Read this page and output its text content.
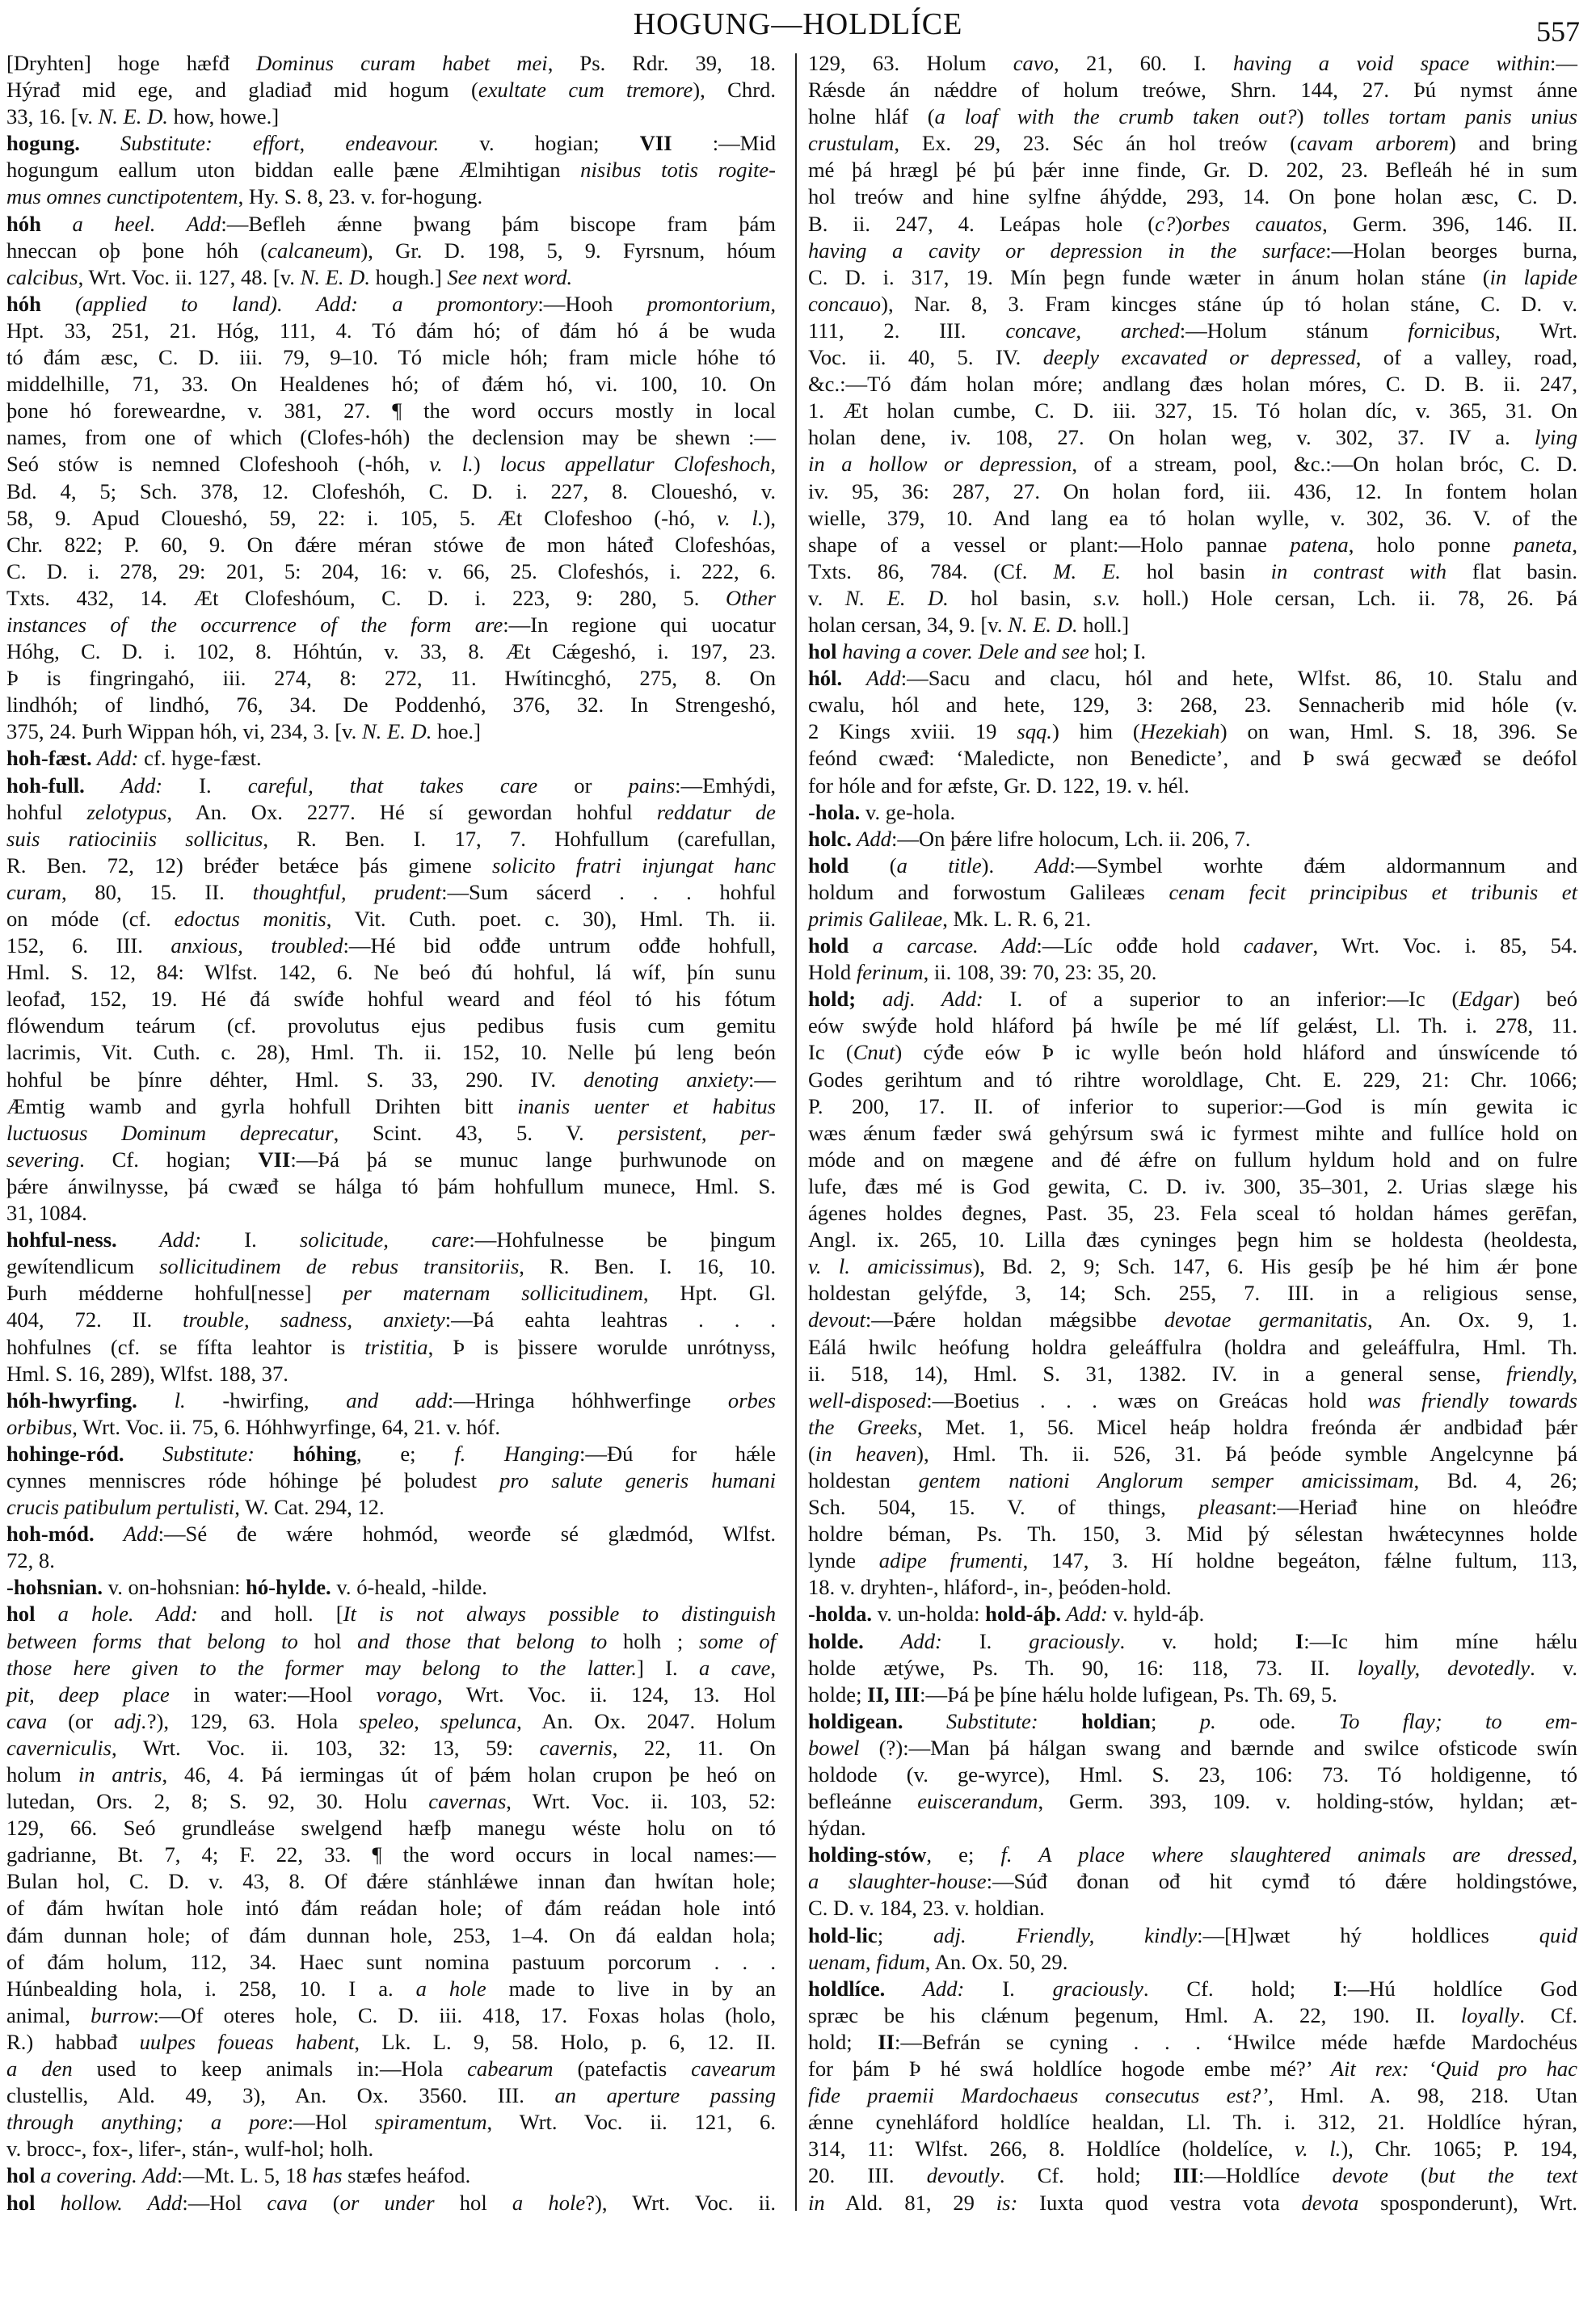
HOGUNG—HOLDLÍCE	557
[Dryhten] hoge hæfđ Dominus curam habet mei, Ps. Rdr. 39, 18.
Hýrađ mid ege, and gladiađ mid hogum (exultate cum tremore), Chrd.
33, 16. [v. N. E. D. how, howe.]
hogung. Substitute: effort, endeavour. v. hogian; VII :—Mid
hogungum eallum uton biddan ealle þæne Ælmihtigan nisibus totis rogite-
mus omnes cunctipotentem, Hy. S. 8, 23. v. for-hogung.
hóh a heel. Add:—Befleh ǽnne þwang þám biscope fram þám
hneccan oþ þone hóh (calcaneum), Gr. D. 198, 5, 9. Fyrsnum, hóum
calcibus, Wrt. Voc. ii. 127, 48. [v. N. E. D. hough.] See next word.
hóh (applied to land). Add: a promontory:—Hooh promontorium,
Hpt. 33, 251, 21. Hóg, 111, 4. Tó đám hó; of đám hó á be wuda
tó đám æsc, C. D. iii. 79, 9–10. Tó micle hóh; fram micle hóhe tó
middelhille, 71, 33. On Healdenes hó; of đǽm hó, vi. 100, 10. On
þone hó foreweardne, v. 381, 27. ¶ the word occurs mostly in local
names, from one of which (Clofes-hóh) the declension may be shewn :—
Seó stów is nemned Clofeshooh (-hóh, v. l.) locus appellatur Clofeshoch,
Bd. 4, 5; Sch. 378, 12. Clofeshóh, C. D. i. 227, 8. Cloueshó, v.
58, 9. Apud Cloueshó, 59, 22: i. 105, 5. Æt Clofeshoo (-hó, v. l.),
Chr. 822; P. 60, 9. On đǽre méran stówe đe mon hátеđ Clofeshóas,
C. D. i. 278, 29: 201, 5: 204, 16: v. 66, 25. Clofeshós, i. 222, 6.
Txts. 432, 14. Æt Clofeshóum, C. D. i. 223, 9: 280, 5. Other
instances of the occurrence of the form are:—In regione qui uocatur
Hóhg, C. D. i. 102, 8. Hóhtún, v. 33, 8. Æt Cǽgeshó, i. 197, 23.
Þ is fingringahó, iii. 274, 8: 272, 11. Hwítincghó, 275, 8. On
lindhóh; of lindhó, 76, 34. De Poddenhó, 376, 32. In Strengeshó,
375, 24. Þurh Wippan hóh, vi, 234, 3. [v. N. E. D. hoe.]
hoh-fæst. Add: cf. hyge-fæst.
hoh-full. Add: I. careful, that takes care or pains:—Emhýdi,
hohful zelotypus, An. Ox. 2277. Hé sí gewordan hohful reddatur de
suis ratiociniis sollicitus, R. Ben. I. 17, 7. Hohfullum (carefullan,
R. Ben. 72, 12) bréđer betǽce þás gimene solicito fratri injungat hanc
curam, 80, 15. II. thoughtful, prudent:—Sum sácerd . . . hohful
on móde (cf. edoctus monitis, Vit. Cuth. poet. c. 30), Hml. Th. ii.
152, 6. III. anxious, troubled:—Hé bid ođđe untrum ođđe hohfull,
Hml. S. 12, 84: Wlfst. 142, 6. Ne beó đú hohful, lá wíf, þín sunu
leofađ, 152, 19. Hé đá swíđe hohful weard and féol tó his fótum
flówendum teárum (cf. provolutus ejus pedibus fusis cum gemitu
lacrimis, Vit. Cuth. c. 28), Hml. Th. ii. 152, 10. Nelle þú leng beón
hohful be þínre déhter, Hml. S. 33, 290. IV. denoting anxiety:—
Æmtig wamb and gyrla hohfull Drihten bitt inanis uenter et habitus
luctuosus Dominum deprecatur, Scint. 43, 5. V. persistent, per-
severing. Cf. hogian; VII:—Þá þá se munuc lange þurhwunode on
þǽre ánwilnysse, þá cwæđ se hálga tó þám hohfullum munece, Hml. S.
31, 1084.
hohful-ness. Add: I. solicitude, care:—Hohfulnesse be þingum
gewítendlicum sollicitudinem de rebus transitoriis, R. Ben. I. 16, 10.
Þurh médderne hohful[nesse] per maternam sollicitudinem, Hpt. Gl.
404, 72. II. trouble, sadness, anxiety:—Þá eahta leahtras . . .
hohfulnes (cf. se fífta leahtor is tristitia, Þ is þissere worulde unrótnyss,
Hml. S. 16, 289), Wlfst. 188, 37.
hóh-hwyrfing. l. -hwirfing, and add:—Hringa hóhhwerfinge orbes
orbibus, Wrt. Voc. ii. 75, 6. Hóhhwyrfinge, 64, 21. v. hóf.
hohinge-ród. Substitute: hóhing, e; f. Hanging:—Đú for hǽle
cynnes menniscres róde hóhinge þé þoludest pro salute generis humani
crucis patibulum pertulisti, W. Cat. 294, 12.
hoh-mód. Add:—Sé đe wǽre hohmód, weorđe sé glædmód, Wlfst.
72, 8.
-hohsnian. v. on-hohsnian: hó-hylde. v. ó-heald, -hilde.
hol a hole. Add: and holl. [It is not always possible to distinguish
between forms that belong to hol and those that belong to holh ; some of
those here given to the former may belong to the latter.] I. a cave,
pit, deep place in water:—Hool vorago, Wrt. Voc. ii. 124, 13. Hol
cava (or adj.?), 129, 63. Hola speleo, spelunca, An. Ox. 2047. Holum
caverniculis, Wrt. Voc. ii. 103, 32: 13, 59: cavernis, 22, 11. On
holum in antris, 46, 4. Þá iermingas út of þǽm holan crupon þe heó on
lutedan, Ors. 2, 8; S. 92, 30. Holu cavernas, Wrt. Voc. ii. 103, 52:
129, 66. Seó grundleáse swelgend hæfþ manegu wéste holu on tó
gadrianne, Bt. 7, 4; F. 22, 33. ¶ the word occurs in local names:—
Bulan hol, C. D. v. 43, 8. Of đǽre stánhlǽwe innan đan hwítan hole;
of đám hwítan hole intó đám reádan hole; of đám reádan hole intó
đám dunnan hole; of đám dunnan hole, 253, 1–4. On đá ealdan hola;
of đám holum, 112, 34. Haec sunt nomina pastuum porcorum . . .
Húnbealding hola, i. 258, 10. I a. a hole made to live in by an
animal, burrow:—Of oteres hole, C. D. iii. 418, 17. Foxas holas (holo,
R.) habbađ uulpes foueas habent, Lk. L. 9, 58. Holo, p. 6, 12. II.
a den used to keep animals in:—Hola cabearum (patefactis cavearum
clustellis, Ald. 49, 3), An. Ox. 3560. III. an aperture passing
through anything; a pore:—Hol spiramentum, Wrt. Voc. ii. 121, 6.
v. brocc-, fox-, lifer-, stán-, wulf-hol; holh.
hol a covering. Add:—Mt. L. 5, 18 has stæfes heáfod.
hol hollow. Add:—Hol cava (or under hol a hole?), Wrt. Voc. ii.
129, 63. Holum cavo, 21, 60. I. having a void space within:—
Rǽsde án nǽddre of holum treówe, Shrn. 144, 27. Þú nymst ánne
holne hláf (a loaf with the crumb taken out?) tolles tortam panis unius
crustulam, Ex. 29, 23. Séc án hol treów (cavam arborem) and bring
mé þá hrægl þé þú þǽr inne finde, Gr. D. 202, 23. Befleáh hé in sum
hol treów and hine sylfne áhýdde, 293, 14. On þone holan æsc, C. D.
B. ii. 247, 4. Leápas hole (c?)orbes cauatos, Germ. 396, 146. II.
having a cavity or depression in the surface:—Holan beorges burna,
C. D. i. 317, 19. Mín þegn funde wæter in ánum holan stáne (in lapide
concauo), Nar. 8, 3. Fram kincges stáne úp tó holan stáne, C. D. v.
111, 2. III. concave, arched:—Holum stánum fornicibus, Wrt.
Voc. ii. 40, 5. IV. deeply excavated or depressed, of a valley, road,
&c.:—Tó đám holan móre; andlang đæs holan móres, C. D. B. ii. 247,
1. Æt holan cumbe, C. D. iii. 327, 15. Tó holan díc, v. 365, 31. On
holan dene, iv. 108, 27. On holan weg, v. 302, 37. IV a. lying
in a hollow or depression, of a stream, pool, &c.:—On holan bróc, C. D.
iv. 95, 36: 287, 27. On holan ford, iii. 436, 12. In fontem holan
wielle, 379, 10. And lang ea tó holan wylle, v. 302, 36. V. of the
shape of a vessel or plant:—Holo pannae patena, holo ponne paneta,
Txts. 86, 784. (Cf. M. E. hol basin in contrast with flat basin.
v. N. E. D. hol basin, s.v. holl.) Hole cersan, Lch. ii. 78, 26. Þá
holan cersan, 34, 9. [v. N. E. D. holl.]
hol having a cover. Dele and see hol; I.
hól. Add:—Sacu and clacu, hól and hete, Wlfst. 86, 10. Stalu and
cwalu, hól and hete, 129, 3: 268, 23. Sennacherib mid hóle (v.
2 Kings xviii. 19 sqq.) him (Hezekiah) on wan, Hml. S. 18, 396. Se
feónd cwæđ: ‘Maledicte, non Benedicte’, and Þ swá gecwæđ se deófol
for hóle and for æfste, Gr. D. 122, 19. v. hél.
-hola. v. ge-hola.
holc. Add:—On þǽre lifre holocum, Lch. ii. 206, 7.
hold (a title). Add:—Symbel worhte đǽm aldormannum and
holdum and forwostum Galileæs cenam fecit principibus et tribunis et
primis Galileae, Mk. L. R. 6, 21.
hold a carcase. Add:—Líc ođđe hold cadaver, Wrt. Voc. i. 85, 54.
Hold ferinum, ii. 108, 39: 70, 23: 35, 20.
hold; adj. Add: I. of a superior to an inferior:—Ic (Edgar) beó
eów swýđe hold hláford þá hwíle þe mé líf gelǽst, Ll. Th. i. 278, 11.
Ic (Cnut) cýđe eów Þ ic wylle beón hold hláford and únswícende tó
Godes gerihtum and tó rihtre woroldlage, Cht. E. 229, 21: Chr. 1066;
P. 200, 17. II. of inferior to superior:—God is mín gewita ic
wæs ǽnum fæder swá gehýrsum swá ic fyrmest mihte and fullíce hold on
móde and on mægene and đé ǽfre on fullum hyldum hold and on fulre
lufe, đæs mé is God gewita, C. D. iv. 300, 35–301, 2. Urias slæge his
ágenes holdes đegnes, Past. 35, 23. Fela sceal tó holdan hámes gerēfan,
Angl. ix. 265, 10. Lilla đæs cyninges þegn him se holdesta (heoldesta,
v. l. amicissimus), Bd. 2, 9; Sch. 147, 6. His gesíþ þe hé him ǽr þone
holdestan gelýfde, 3, 14; Sch. 255, 7. III. in a religious sense,
devout:—Þǽre holdan mǽgsibbe devotae germanitatis, An. Ox. 9, 1.
Eálá hwilc heófung holdra geleáffulra (holdra and geleáffulra, Hml. Th.
ii. 518, 14), Hml. S. 31, 1382. IV. in a general sense, friendly,
well-disposed:—Boetius . . . wæs on Greácas hold was friendly towards
the Greeks, Met. 1, 56. Micel heáp holdra freónda ǽr andbidađ þǽr
(in heaven), Hml. Th. ii. 526, 31. Þá þeóde symble Angelcynne þá
holdestan gentem nationi Anglorum semper amicissimam, Bd. 4, 26;
Sch. 504, 15. V. of things, pleasant:—Heriađ hine on hleóđre
holdre béman, Ps. Th. 150, 3. Mid þý sélestan hwǽtecynnes holde
lynde adipe frumenti, 147, 3. Hí holdne begeáton, fǽlne fultum, 113,
18. v. dryhten-, hláford-, in-, þeóden-hold.
-holda. v. un-holda: hold-áþ. Add: v. hyld-áþ.
holde. Add: I. graciously. v. hold; I:—Ic him míne hǽlu
holde ætýwe, Ps. Th. 90, 16: 118, 73. II. loyally, devotedly. v.
holde; II, III:—Þá þe þíne hǽlu holde lufigean, Ps. Th. 69, 5.
holdigean. Substitute: holdian; p. ode. To flay; to em-
bowel (?):—Man þá hálgan swang and bærnde and swilce ofsticode swín
holdode (v. ge-wyrce), Hml. S. 23, 106: 73. Tó holdigenne, tó
befleánne euiscerandum, Germ. 393, 109. v. holding-stów, hyldan; æt-
hýdan.
holding-stów, e; f. A place where slaughtered animals are dressed,
a slaughter-house:—Súđ đonan ođ hit cymđ tó đǽre holdingstówe,
C. D. v. 184, 23. v. holdian.
hold-lic; adj. Friendly, kindly:—[H]wæt hý holdlices quid
uenam, fidum, An. Ox. 50, 29.
holdlíce. Add: I. graciously. Cf. hold; I:—Hú holdlíce God
spræc be his clǽnum þegenum, Hml. A. 22, 190. II. loyally. Cf.
hold; II:—Befrán se cyning . . . ‘Hwilce méde hæfde Mardochéus
for þám Þ hé swá holdlíce hogode embe mé?’ Ait rex: ‘Quid pro hac
fide praemii Mardochaeus consecutus est?’, Hml. A. 98, 218. Utan
ǽnne cynehláford holdlíce healdan, Ll. Th. i. 312, 21. Holdlíce hýran,
314, 11: Wlfst. 266, 8. Holdlíce (holdelíce, v. l.), Chr. 1065; P. 194,
20. III. devoutly. Cf. hold; III:—Holdlíce devote (but the text
in Ald. 81, 29 is: Iuxta quod vestra vota devota sposponderunt), Wrt.
